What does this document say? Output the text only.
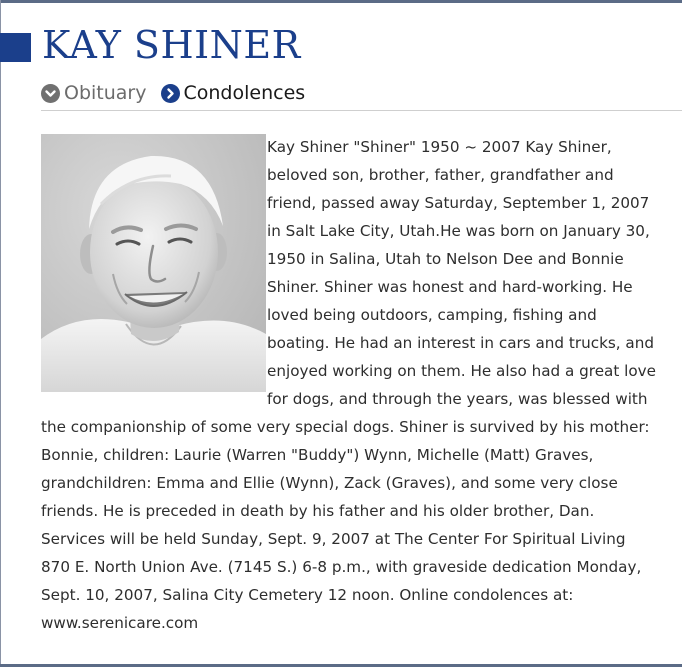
KAY SHINER
Obituary Condolences

Kay Shiner "Shiner" 1950 ~ 2007 Kay Shiner, beloved son, brother, father, grandfather and friend, passed away Saturday, September 1, 2007 in Salt Lake City, Utah.He was born on January 30, 1950 in Salina, Utah to Nelson Dee and Bonnie Shiner. Shiner was honest and hard-working. He loved being outdoors, camping, fishing and boating. He had an interest in cars and trucks, and enjoyed working on them. He also had a great love for dogs, and through the years, was blessed with the companionship of some very special dogs. Shiner is survived by his mother: Bonnie, children: Laurie (Warren "Buddy") Wynn, Michelle (Matt) Graves, grandchildren: Emma and Ellie (Wynn), Zack (Graves), and some very close friends. He is preceded in death by his father and his older brother, Dan. Services will be held Sunday, Sept. 9, 2007 at The Center For Spiritual Living 870 E. North Union Ave. (7145 S.) 6-8 p.m., with graveside dedication Monday, Sept. 10, 2007, Salina City Cemetery 12 noon. Online condolences at: www.serenicare.com
